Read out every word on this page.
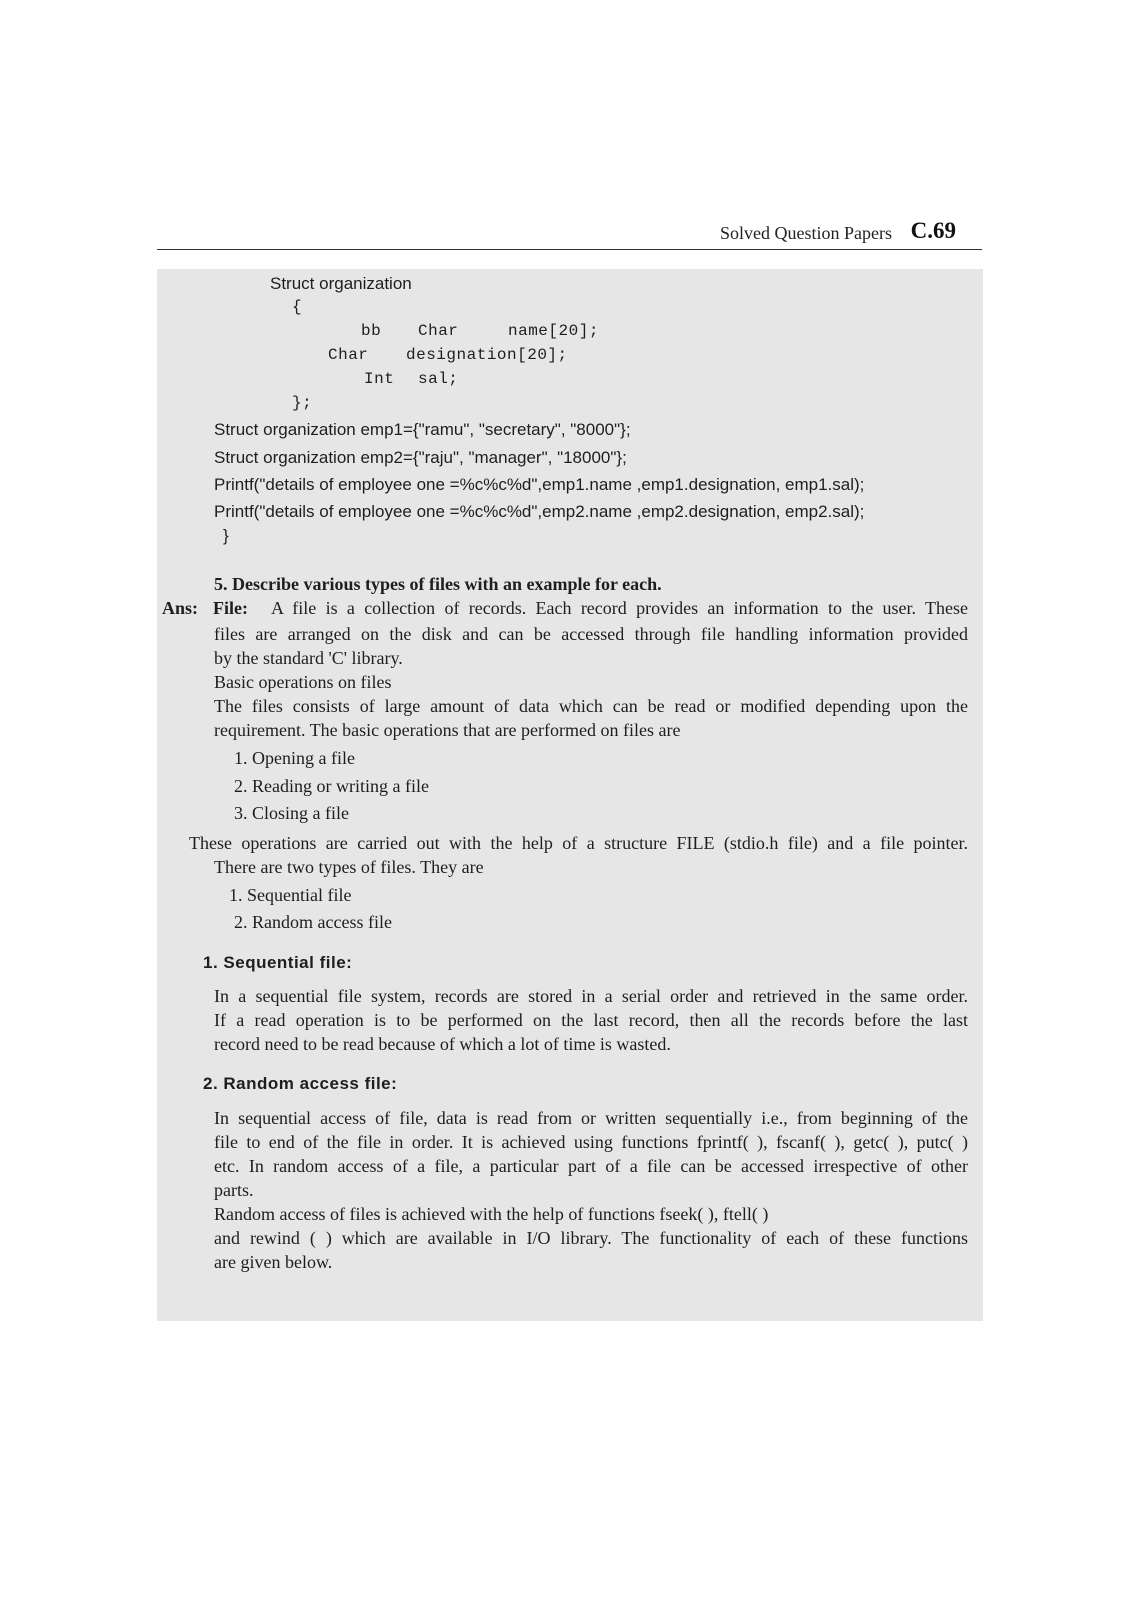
Solved Question Papers C.69
Struct organization
{
bb Char	name[20];
Char designation[20];
Int sal;
};
Struct organization emp1={"ramu", "secretary", "8000"};
Struct organization emp2={"raju", "manager", "18000"};
Printf("details of employee one =%c%c%d",emp1.name ,emp1.designation, emp1.sal);
Printf("details of employee one =%c%c%d",emp2.name ,emp2.designation, emp2.sal);
}
5. Describe various types of files with an example for each.
Ans: File: A file is a collection of records. Each record provides an information to the user. These
files are arranged on the disk and can be accessed through file handling information provided
by the standard 'C' library.
Basic operations on files
The files consists of large amount of data which can be read or modified depending upon the
requirement. The basic operations that are performed on files are
1. Opening a file
2. Reading or writing a file
3. Closing a file
These operations are carried out with the help of a structure FILE (stdio.h file) and a file pointer.
There are two types of files. They are
1. Sequential file
2. Random access file
1. Sequential file:
In a sequential file system, records are stored in a serial order and retrieved in the same order.
If a read operation is to be performed on the last record, then all the records before the last
record need to be read because of which a lot of time is wasted.
2. Random access file:
In sequential access of file, data is read from or written sequentially i.e., from beginning of the
file to end of the file in order. It is achieved using functions fprintf( ), fscanf( ), getc( ), putc( )
etc. In random access of a file, a particular part of a file can be accessed irrespective of other
parts.
Random access of files is achieved with the help of functions fseek( ), ftell( )
and rewind ( ) which are available in I/O library. The functionality of each of these functions
are given below.
